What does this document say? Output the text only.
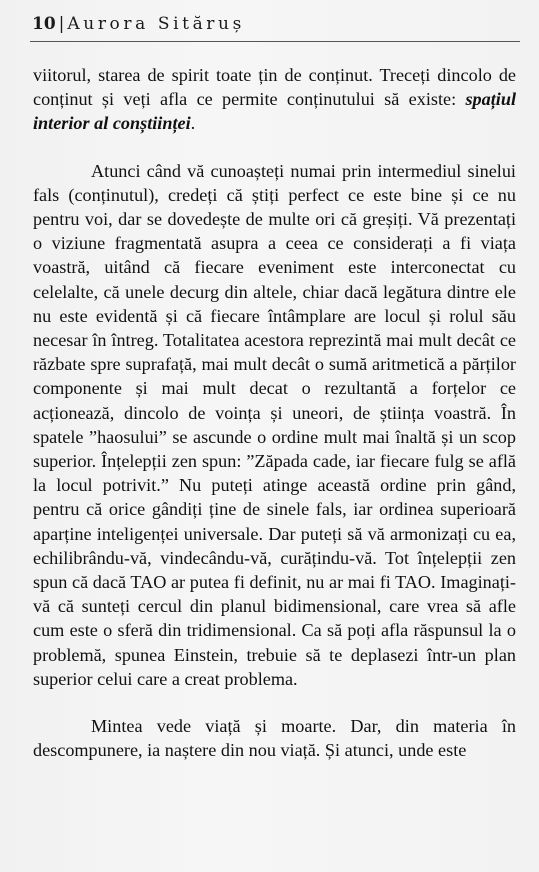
10 | Aurora Sităruș

viitorul, starea de spirit toate țin de conținut. Treceți dincolo de conținut și veți afla ce permite conținutului să existe: spațiul interior al conștiinței.

Atunci când vă cunoașteți numai prin intermediul sinelui fals (conținutul), credeți că știți perfect ce este bine și ce nu pentru voi, dar se dovedește de multe ori că greșiți. Vă prezentați o viziune fragmentată asupra a ceea ce considerați a fi viața voastră, uitând că fiecare eveniment este interconectat cu celelalte, că unele decurg din altele, chiar dacă legătura dintre ele nu este evidentă și că fiecare întâmplare are locul și rolul său necesar în întreg. Totalitatea acestora reprezintă mai mult decât ce răzbate spre suprafață, mai mult decât o sumă aritmetică a părților componente și mai mult decat o rezultantă a forțelor ce acționează, dincolo de voința și uneori, de știința voastră. În spatele ”haosului” se ascunde o ordine mult mai înaltă și un scop superior. Înțelepții zen spun: ”Zăpada cade, iar fiecare fulg se află la locul potrivit.” Nu puteți atinge această ordine prin gând, pentru că orice gândiți ține de sinele fals, iar ordinea superioară aparține inteligenței universale. Dar puteți să vă armonizați cu ea, echilibrându-vă, vindecându-vă, curățindu-vă. Tot înțelepții zen spun că dacă TAO ar putea fi definit, nu ar mai fi TAO. Imaginați-vă că sunteți cercul din planul bidimensional, care vrea să afle cum este o sferă din tridimensional. Ca să poți afla răspunsul la o problemă, spunea Einstein, trebuie să te deplasezi într-un plan superior celui care a creat problema.

Mintea vede viață și moarte. Dar, din materia în descompunere, ia naștere din nou viață. Și atunci, unde este
